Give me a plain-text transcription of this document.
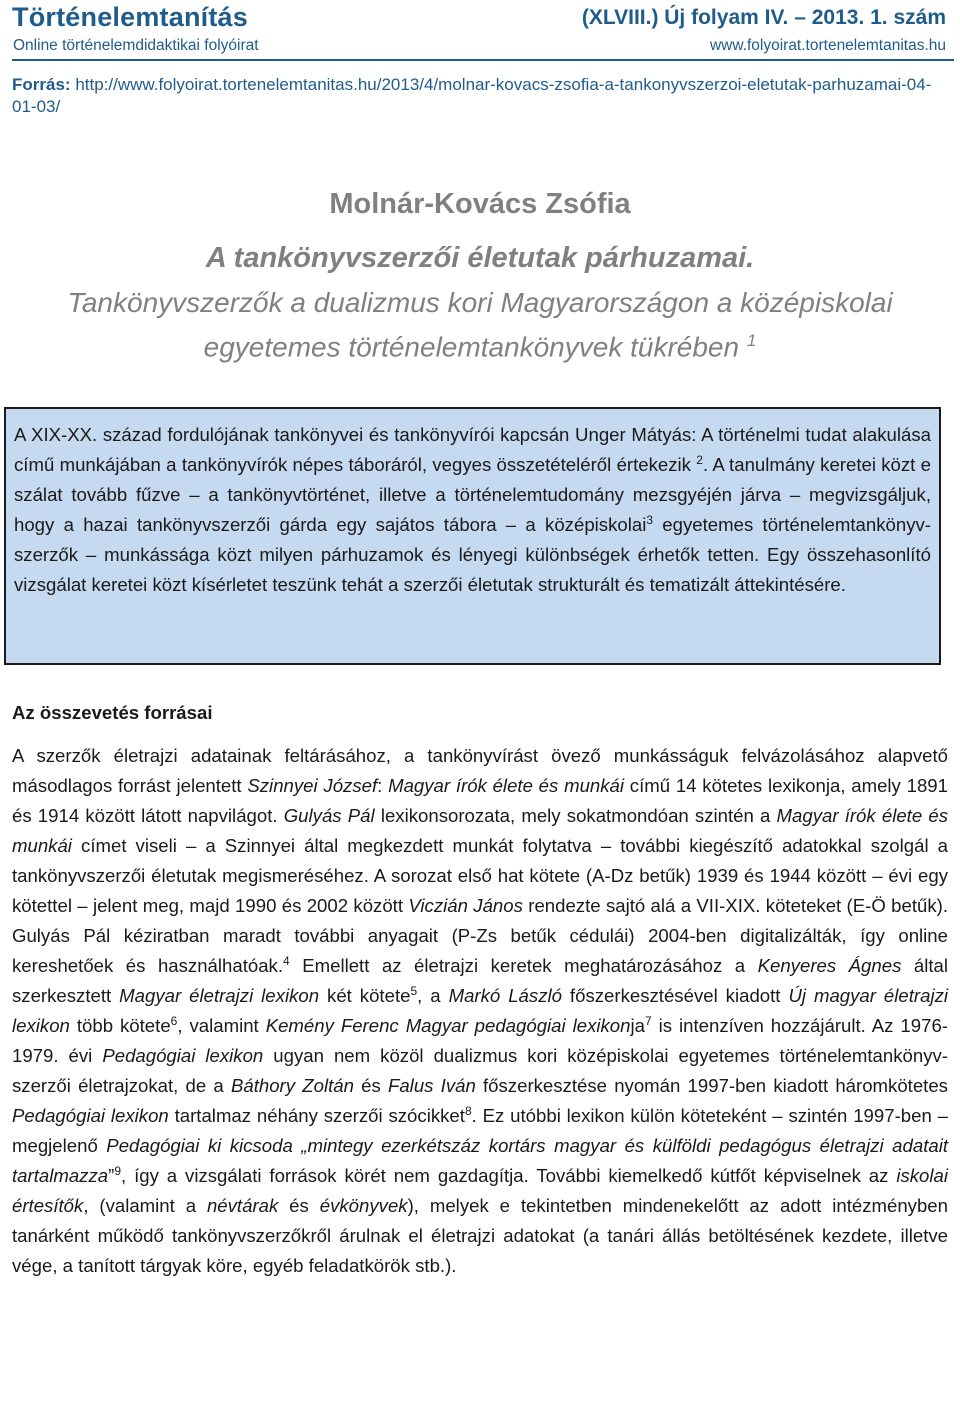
Történelemtanítás
Online történelemdidaktikai folyóirat
(XLVIII.) Új folyam IV. – 2013. 1. szám
www.folyoirat.tortenelemtanitas.hu
Forrás: http://www.folyoirat.tortenelemtanitas.hu/2013/4/molnar-kovacs-zsofia-a-tankonyvszerzoi-eletutak-parhuzamai-04-01-03/
Molnár-Kovács Zsófia
A tankönyvszerzői életutak párhuzamai.
Tankönyvszerzők a dualizmus kori Magyarországon a középiskolai egyetemes történelemtankönyvek tükrében $^1$
A XIX-XX. század fordulójának tankönyvei és tankönyvírói kapcsán Unger Mátyás: A történelmi tudat alakulása című munkájában a tankönyvírók népes táboráról, vegyes összetételéről értekezik $^2$. A tanulmány keretei közt e szálat tovább fűzve – a tankönyvtörténet, illetve a történelemtudomány mezsgyéjén járva – megvizsgáljuk, hogy a hazai tankönyvszerzői gárda egy sajátos tábora – a középiskolai$^3$ egyetemes történelemtankönyv-szerzők – munkássága közt milyen párhuzamok és lényegi különbségek érhetők tetten. Egy összehasonlító vizsgálat keretei közt kísérletet teszünk tehát a szerzői életutak strukturált és tematizált áttekintésére.
Az összevetés forrásai
A szerzők életrajzi adatainak feltárásához, a tankönyvírást övező munkásságuk felvázolásához alapvető másodlagos forrást jelentett Szinnyei József: Magyar írók élete és munkái című 14 kötetes lexikonja, amely 1891 és 1914 között látott napvilágot. Gulyás Pál lexikonsorozata, mely sokatmondóan szintén a Magyar írók élete és munkái címet viseli – a Szinnyei által megkezdett munkát folytatva – további kiegészítő adatokkal szolgál a tankönyvszerzői életutak megismeréséhez. A sorozat első hat kötete (A-Dz betűk) 1939 és 1944 között – évi egy kötettel – jelent meg, majd 1990 és 2002 között Viczián János rendezte sajtó alá a VII-XIX. köteteket (E-Ö betűk). Gulyás Pál kéziratban maradt további anyagait (P-Zs betűk cédulái) 2004-ben digitalizálták, így online kereshetőek és használhatóak.$^4$ Emellett az életrajzi keretek meghatározásához a Kenyeres Ágnes által szerkesztett Magyar életrajzi lexikon két kötete$^5$, a Markó László főszerkesztésével kiadott Új magyar életrajzi lexikon több kötete$^6$, valamint Kemény Ferenc Magyar pedagógiai lexikonja$^7$ is intenzíven hozzájárult. Az 1976-1979. évi Pedagógiai lexikon ugyan nem közöl dualizmus kori középiskolai egyetemes történelemtankönyv-szerzői életrajzokat, de a Báthory Zoltán és Falus Iván főszerkesztése nyomán 1997-ben kiadott háromkötetes Pedagógiai lexikon tartalmaz néhány szerzői szócikket$^8$. Ez utóbbi lexikon külön köteteként – szintén 1997-ben – megjelenő Pedagógiai ki kicsoda „mintegy ezerkétszáz kortárs magyar és külföldi pedagógus életrajzi adatait tartalmazza”$^9$, így a vizsgálati források körét nem gazdagítja. További kiemelkedő kútfőt képviselnek az iskolai értesítők, (valamint a névtárak és évkönyvek), melyek e tekintetben mindenekelőtt az adott intézményben tanárként működő tankönyvszerzőkről árulnak el életrajzi adatokat (a tanári állás betöltésének kezdete, illetve vége, a tanított tárgyak köre, egyéb feladatkörök stb.).
